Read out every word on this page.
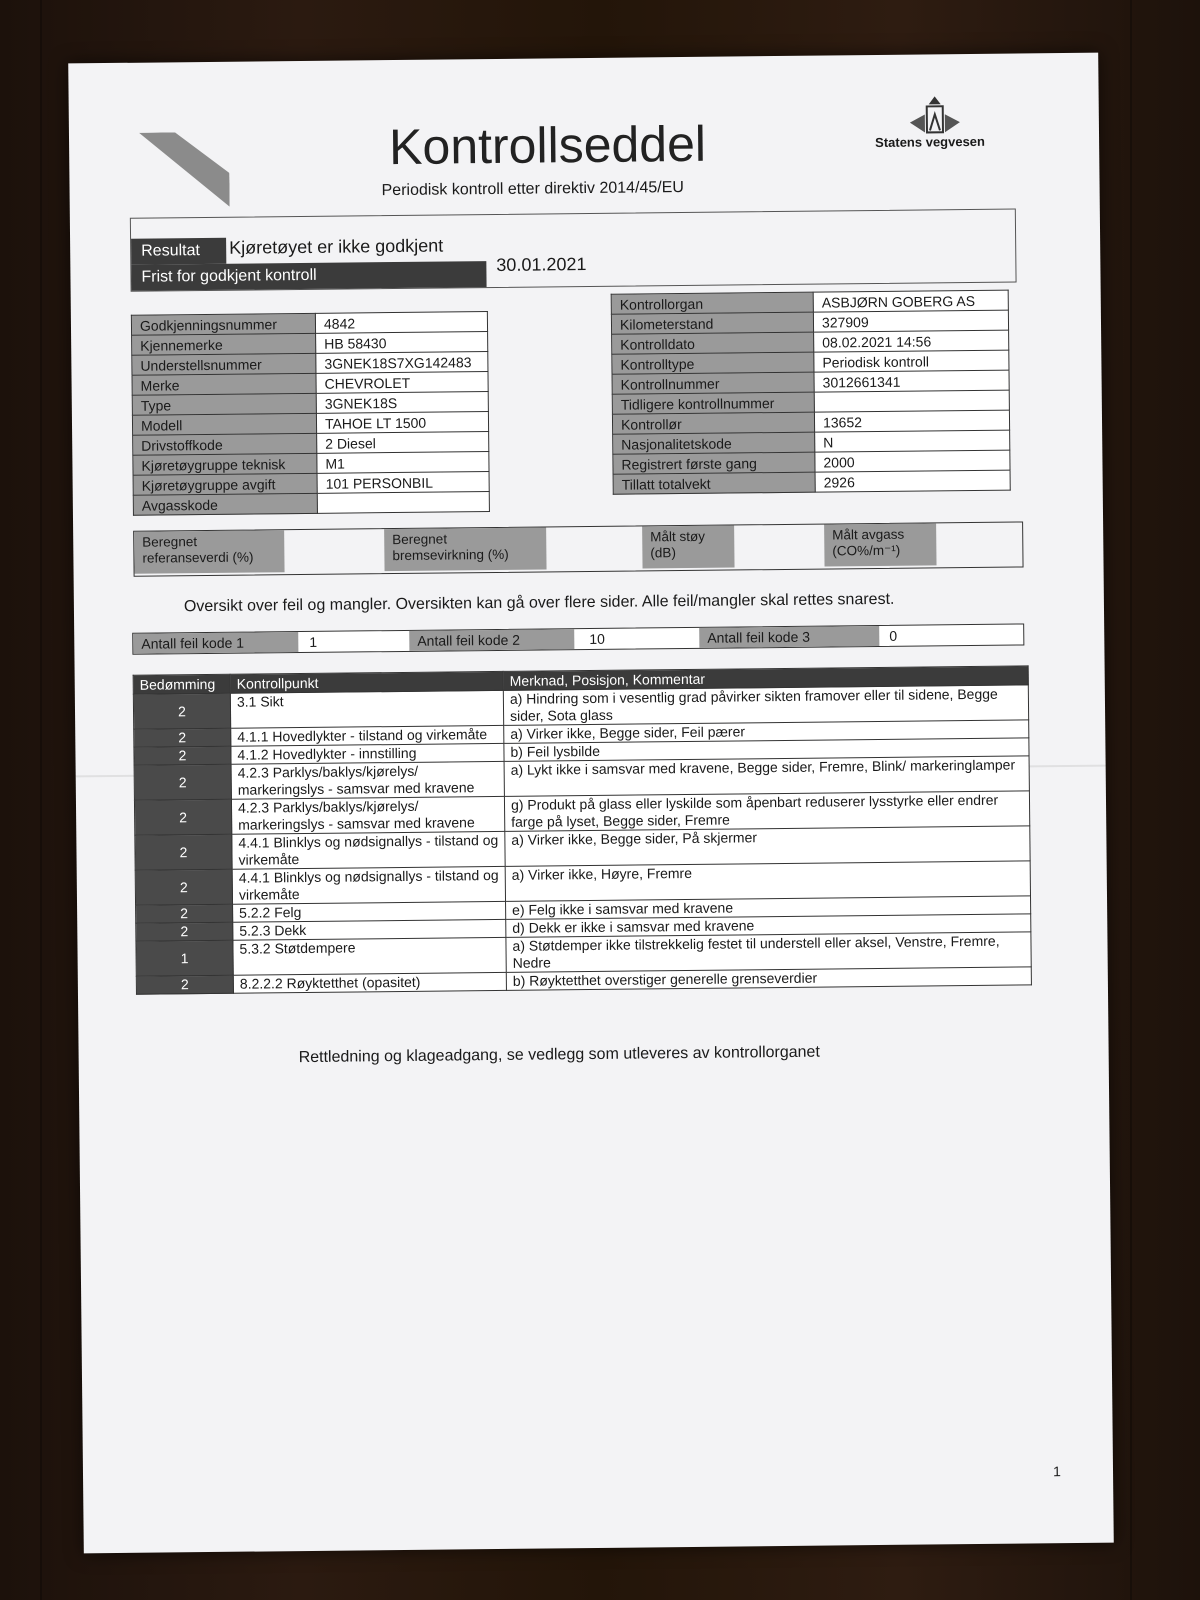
Kontrollseddel
Periodisk kontroll etter direktiv 2014/45/EU
Statens vegvesen
Resultat	Kjøretøyet er ikke godkjent
Frist for godkjent kontroll
30.01.2021
Godkjenningsnummer	4842
Kjennemerke	HB 58430
Understellsnummer	3GNEK18S7XG142483
Merke	CHEVROLET
Type	3GNEK18S
Modell	TAHOE LT 1500
Drivstoffkode	2 Diesel
Kjøretøygruppe teknisk	M1
Kjøretøygruppe avgift	101 PERSONBIL
Avgasskode	
Kontrollorgan	ASBJØRN GOBERG AS
Kilometerstand	327909
Kontrolldato	08.02.2021 14:56
Kontrolltype	Periodisk kontroll
Kontrollnummer	3012661341
Tidligere kontrollnummer	
Kontrollør	13652
Nasjonalitetskode	N
Registrert første gang	2000
Tillatt totalvekt	2926
Beregnet referanseverdi (%)
Beregnet bremsevirkning (%)
Målt støy (dB)
Målt avgass (CO%/m⁻¹)
Oversikt over feil og mangler. Oversikten kan gå over flere sider. Alle feil/mangler skal rettes snarest.
Antall feil kode 1	1	Antall feil kode 2	10	Antall feil kode 3	0
Bedømming	Kontrollpunkt	Merknad, Posisjon, Kommentar
2	3.1 Sikt	a) Hindring som i vesentlig grad påvirker sikten framover eller til sidene, Begge sider, Sota glass
2	4.1.1 Hovedlykter - tilstand og virkemåte	a) Virker ikke, Begge sider, Feil pærer
2	4.1.2 Hovedlykter - innstilling	b) Feil lysbilde
2	4.2.3 Parklys/baklys/kjørelys/ markeringslys - samsvar med kravene	a) Lykt ikke i samsvar med kravene, Begge sider, Fremre, Blink/ markeringlamper
2	4.2.3 Parklys/baklys/kjørelys/ markeringslys - samsvar med kravene	g) Produkt på glass eller lyskilde som åpenbart reduserer lysstyrke eller endrer farge på lyset, Begge sider, Fremre
2	4.4.1 Blinklys og nødsignallys - tilstand og virkemåte	a) Virker ikke, Begge sider, På skjermer
2	4.4.1 Blinklys og nødsignallys - tilstand og virkemåte	a) Virker ikke, Høyre, Fremre
2	5.2.2 Felg	e) Felg ikke i samsvar med kravene
2	5.2.3 Dekk	d) Dekk er ikke i samsvar med kravene
1	5.3.2 Støtdempere	a) Støtdemper ikke tilstrekkelig festet til understell eller aksel, Venstre, Fremre, Nedre
2	8.2.2.2 Røyktetthet (opasitet)	b) Røyktetthet overstiger generelle grenseverdier
Rettledning og klageadgang, se vedlegg som utleveres av kontrollorganet
1
